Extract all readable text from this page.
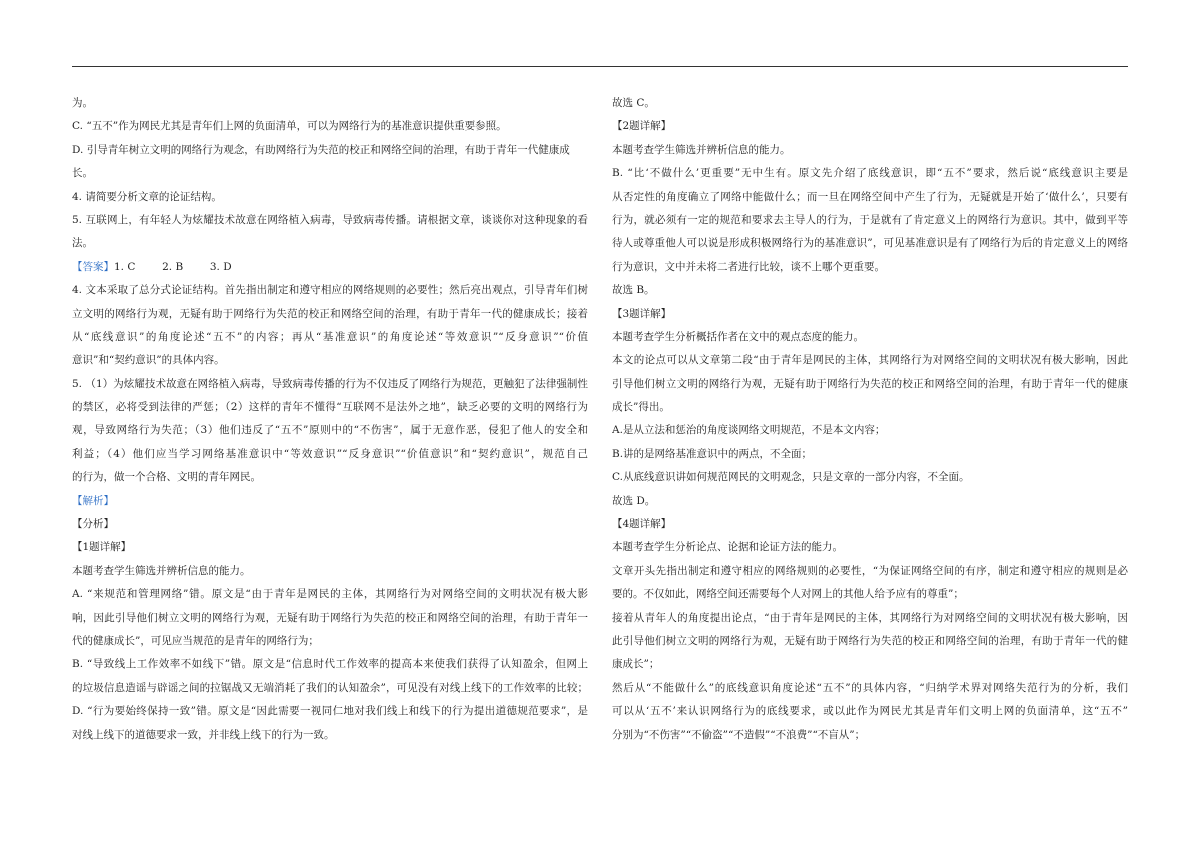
为。
C. “五不”作为网民尤其是青年们上网的负面清单，可以为网络行为的基准意识提供重要参照。
D. 引导青年树立文明的网络行为观念，有助网络行为失范的校正和网络空间的治理，有助于青年一代健康成
长。
4. 请简要分析文章的论证结构。
5. 互联网上，有年轻人为炫耀技术故意在网络植入病毒，导致病毒传播。请根据文章，谈谈你对这种现象的看
法。
【答案】1. C        2. B        3. D
4. 文本采取了总分式论证结构。首先指出制定和遵守相应的网络规则的必要性；然后亮出观点，引导青年们树
立文明的网络行为观，无疑有助于网络行为失范的校正和网络空间的治理，有助于青年一代的健康成长；接着
从“底线意识”的角度论述“五不”的内容；再从“基准意识”的角度论述“等效意识”“反身意识”“价值
意识”和“契约意识”的具体内容。
5. （1）为炫耀技术故意在网络植入病毒，导致病毒传播的行为不仅违反了网络行为规范，更触犯了法律强制性
的禁区，必将受到法律的严惩；（2）这样的青年不懂得“互联网不是法外之地”，缺乏必要的文明的网络行为
观，导致网络行为失范；（3）他们违反了“五不”原则中的“不伤害”，属于无意作恶，侵犯了他人的安全和
利益；（4）他们应当学习网络基准意识中“等效意识”“反身意识”“价值意识”和“契约意识”，规范自己
的行为，做一个合格、文明的青年网民。
【解析】
【分析】
【1题详解】
本题考查学生筛选并辨析信息的能力。
A. “来规范和管理网络”错。原文是“由于青年是网民的主体，其网络行为对网络空间的文明状况有极大影
响，因此引导他们树立文明的网络行为观，无疑有助于网络行为失范的校正和网络空间的治理，有助于青年一
代的健康成长”，可见应当规范的是青年的网络行为；
B. “导致线上工作效率不如线下”错。原文是“信息时代工作效率的提高本来使我们获得了认知盈余，但网上
的垃圾信息造谣与辟谣之间的拉锯战又无端消耗了我们的认知盈余”，可见没有对线上线下的工作效率的比较；
D. “行为要始终保持一致”错。原文是“因此需要一视同仁地对我们线上和线下的行为提出道德规范要求”，是
对线上线下的道德要求一致，并非线上线下的行为一致。
故选 C。
【2题详解】
本题考查学生筛选并辨析信息的能力。
B. “比‘不做什么’更重要”无中生有。原文先介绍了底线意识，即“五不”要求，然后说“底线意识主要是
从否定性的角度确立了网络中能做什么；而一旦在网络空间中产生了行为，无疑就是开始了‘做什么’，只要有
行为，就必须有一定的规范和要求去主导人的行为，于是就有了肯定意义上的网络行为意识。其中，做到平等
待人或尊重他人可以说是形成积极网络行为的基准意识”，可见基准意识是有了网络行为后的肯定意义上的网络
行为意识，文中并未将二者进行比较，谈不上哪个更重要。
故选 B。
【3题详解】
本题考查学生分析概括作者在文中的观点态度的能力。
本文的论点可以从文章第二段“由于青年是网民的主体，其网络行为对网络空间的文明状况有极大影响，因此
引导他们树立文明的网络行为观，无疑有助于网络行为失范的校正和网络空间的治理，有助于青年一代的健康
成长”得出。
A.是从立法和惩治的角度谈网络文明规范，不是本文内容；
B.讲的是网络基准意识中的两点，不全面；
C.从底线意识讲如何规范网民的文明观念，只是文章的一部分内容，不全面。
故选 D。
【4题详解】
本题考查学生分析论点、论据和论证方法的能力。
文章开头先指出制定和遵守相应的网络规则的必要性，“为保证网络空间的有序，制定和遵守相应的规则是必
要的。不仅如此，网络空间还需要每个人对网上的其他人给予应有的尊重”；
接着从青年人的角度提出论点，“由于青年是网民的主体，其网络行为对网络空间的文明状况有极大影响，因
此引导他们树立文明的网络行为观，无疑有助于网络行为失范的校正和网络空间的治理，有助于青年一代的健
康成长”；
然后从“不能做什么”的底线意识角度论述“五不”的具体内容，“归纳学术界对网络失范行为的分析，我们
可以从‘五不’来认识网络行为的底线要求，或以此作为网民尤其是青年们文明上网的负面清单，这“五不”
分别为“不伤害”“不偷盗”“不造假”“不浪费”“不盲从”；
